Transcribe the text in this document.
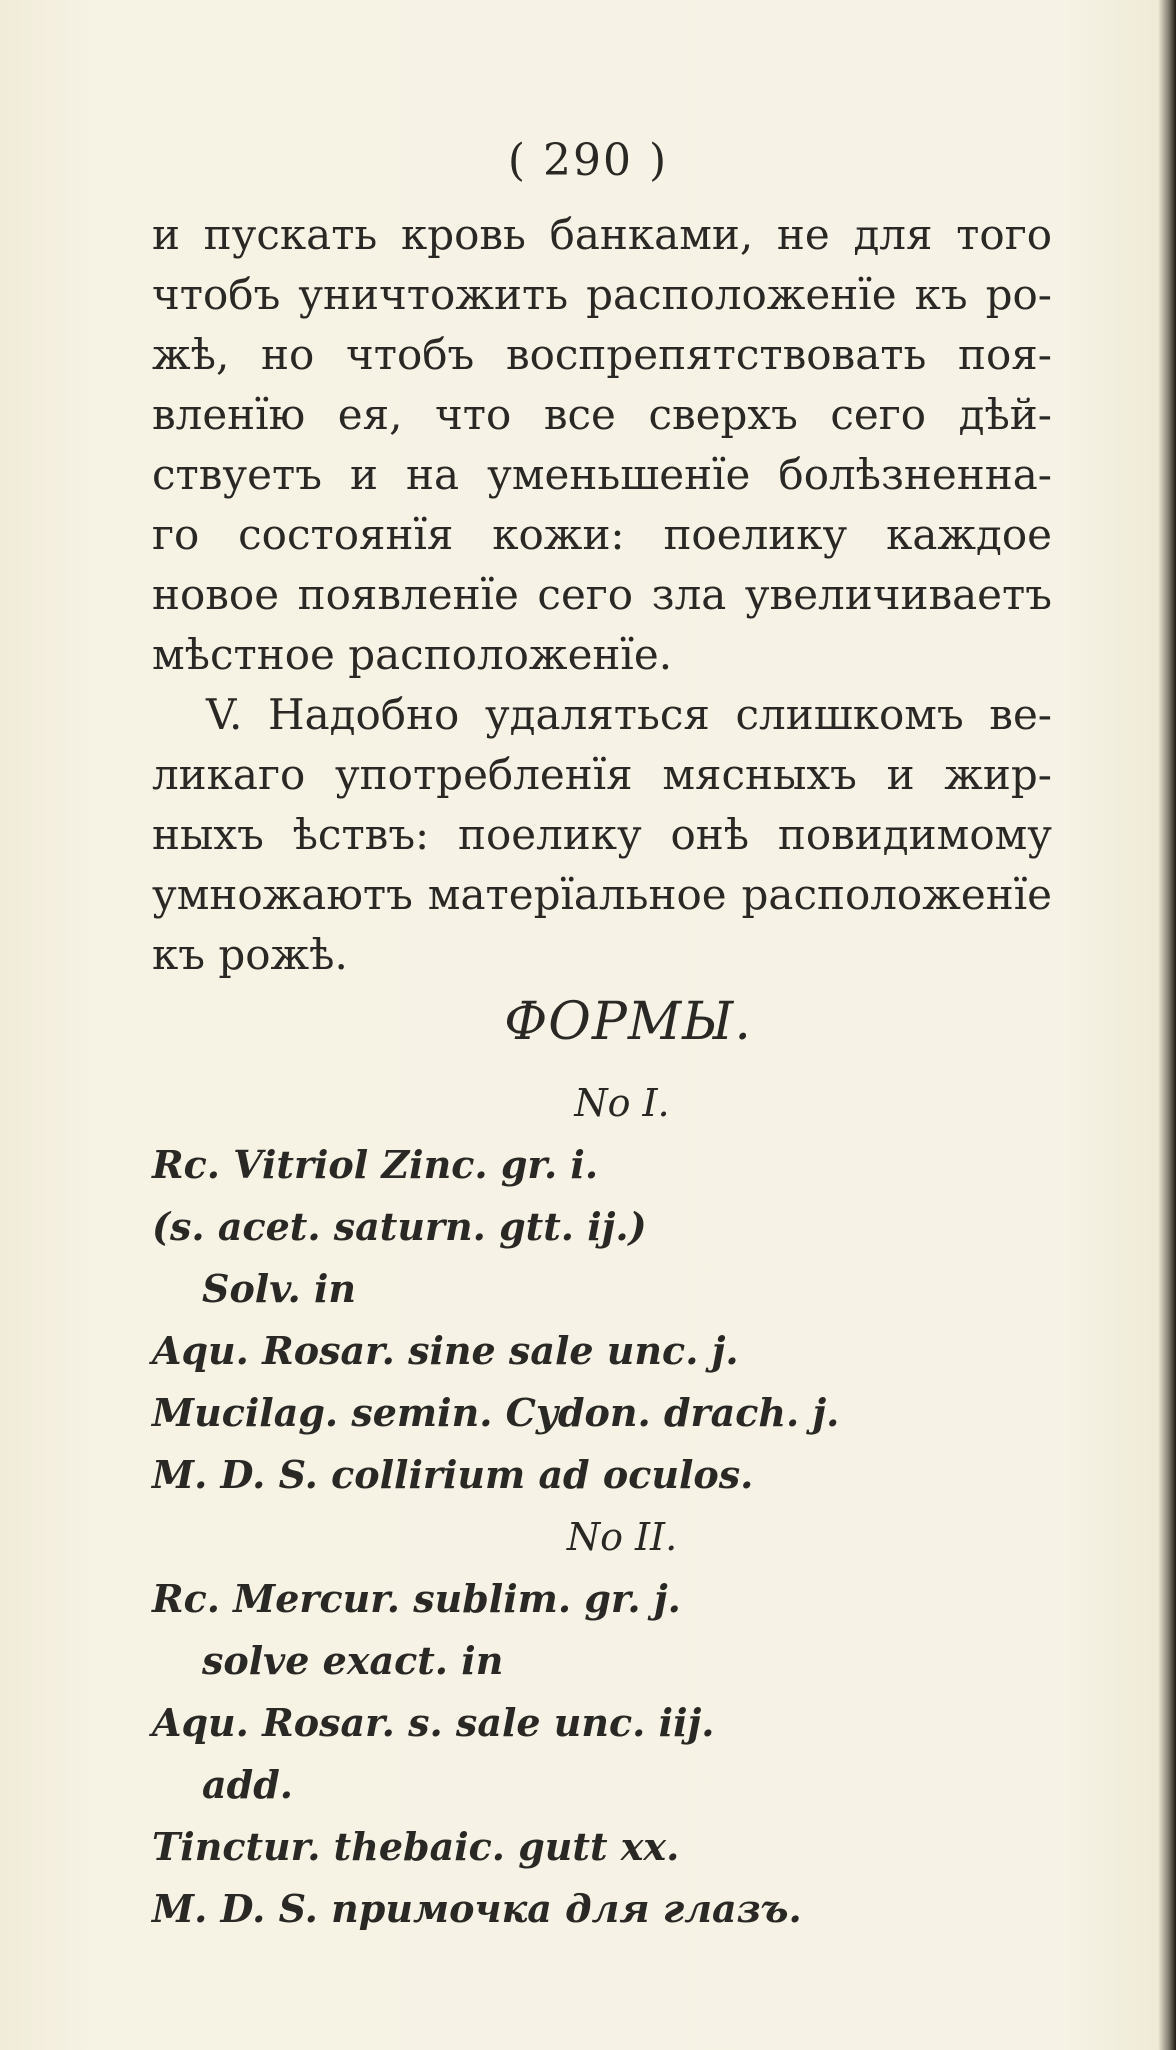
( 290 )
и пускать кровь банками, не для того
чтобъ уничтожить расположенїе къ ро-
жѣ, но чтобъ воспрепятствовать поя-
вленїю ея, что все сверхъ сего дѣй-
ствуетъ и на уменьшенїе болѣзненна-
го состоянїя кожи: поелику каждое
новое появленїе сего зла увеличиваетъ
мѣстное расположенїе.
V. Надобно удаляться слишкомъ ве-
ликаго употребленїя мясныхъ и жир-
ныхъ ѣствъ: поелику онѣ повидимому
умножаютъ матерїальное расположенїе
къ рожѣ.
ФОРМЫ.
No I.
Rc. Vitriol Zinc. gr. i.
(s. acet. saturn. gtt. ij.)
Solv. in
Aqu. Rosar. sine sale unc. j.
Mucilag. semin. Cydon. drach. j.
M. D. S. collirium ad oculos.
No II.
Rc. Mercur. sublim. gr. j.
solve exact. in
Aqu. Rosar. s. sale unc. iij.
add.
Tinctur. thebaic. gutt xx.
M. D. S. примочка для глазъ.
